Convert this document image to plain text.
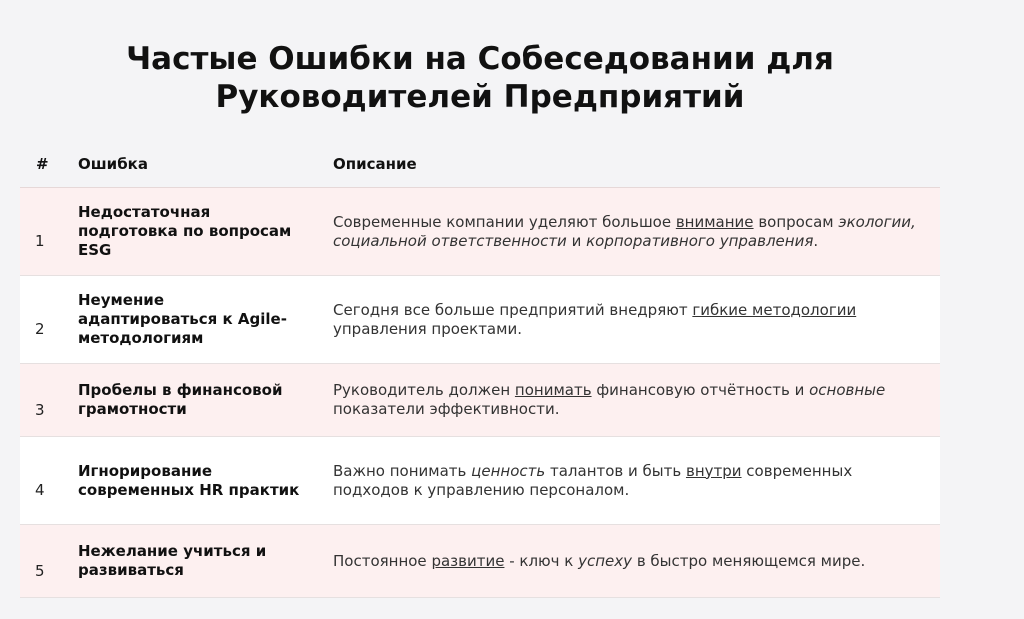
Частые Ошибки на Собеседовании для
Руководителей Предприятий
#	Ошибка	Описание
1	Недостаточная подготовка по вопросам ESG	Современные компании уделяют большое внимание вопросам экологии, социальной ответственности и корпоративного управления.
2	Неумение адаптироваться к Agile-методологиям	Сегодня все больше предприятий внедряют гибкие методологии управления проектами.
3	Пробелы в финансовой грамотности	Руководитель должен понимать финансовую отчётность и основные показатели эффективности.
4	Игнорирование современных HR практик	Важно понимать ценность талантов и быть внутри современных подходов к управлению персоналом.
5	Нежелание учиться и развиваться	Постоянное развитие - ключ к успеху в быстро меняющемся мире.
